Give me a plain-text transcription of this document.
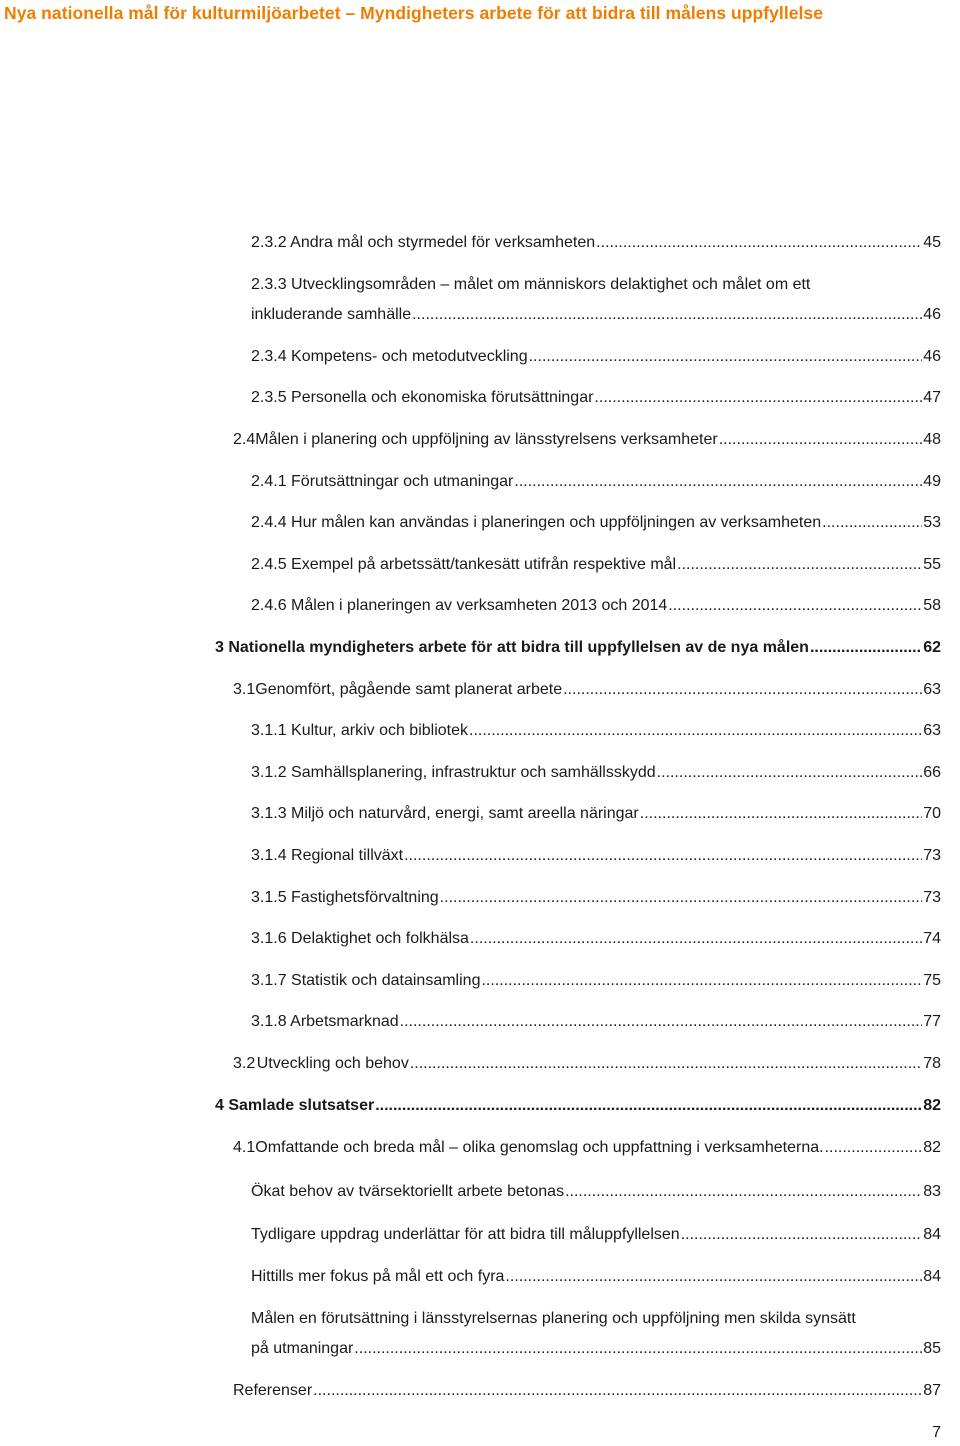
Nya nationella mål för kulturmiljöarbetet – Myndigheters arbete för att bidra till målens uppfyllelse
2.3.2 Andra mål och styrmedel för verksamheten .....	45
2.3.3 Utvecklingsområden – målet om människors delaktighet och målet om ett
inkluderande samhälle .....	46
2.3.4 Kompetens- och metodutveckling .....	46
2.3.5 Personella och ekonomiska förutsättningar .....	47
2.4 Målen i planering och uppföljning av länsstyrelsens verksamheter .....	48
2.4.1 Förutsättningar och utmaningar .....	49
2.4.4 Hur målen kan användas i planeringen och uppföljningen av verksamheten .....	53
2.4.5 Exempel på arbetssätt/tankesätt utifrån respektive mål .....	55
2.4.6 Målen i planeringen av verksamheten 2013 och 2014 .....	58
3 Nationella myndigheters arbete för att bidra till uppfyllelsen av de nya målen .....	62
3.1 Genomfört, pågående samt planerat arbete .....	63
3.1.1 Kultur, arkiv och bibliotek .....	63
3.1.2 Samhällsplanering, infrastruktur och samhällsskydd .....	66
3.1.3 Miljö och naturvård, energi, samt areella näringar .....	70
3.1.4 Regional tillväxt .....	73
3.1.5 Fastighetsförvaltning .....	73
3.1.6 Delaktighet och folkhälsa .....	74
3.1.7 Statistik och datainsamling .....	75
3.1.8 Arbetsmarknad .....	77
3.2 Utveckling och behov .....	78
4 Samlade slutsatser .....	82
4.1 Omfattande och breda mål – olika genomslag och uppfattning i verksamheterna. .....	82
Ökat behov av tvärsektoriellt arbete betonas .....	83
Tydligare uppdrag underlättar för att bidra till måluppfyllelsen .....	84
Hittills mer fokus på mål ett och fyra .....	84
Målen en förutsättning i länsstyrelsernas planering och uppföljning men skilda synsätt
på utmaningar .....	85
Referenser .....	87
7
